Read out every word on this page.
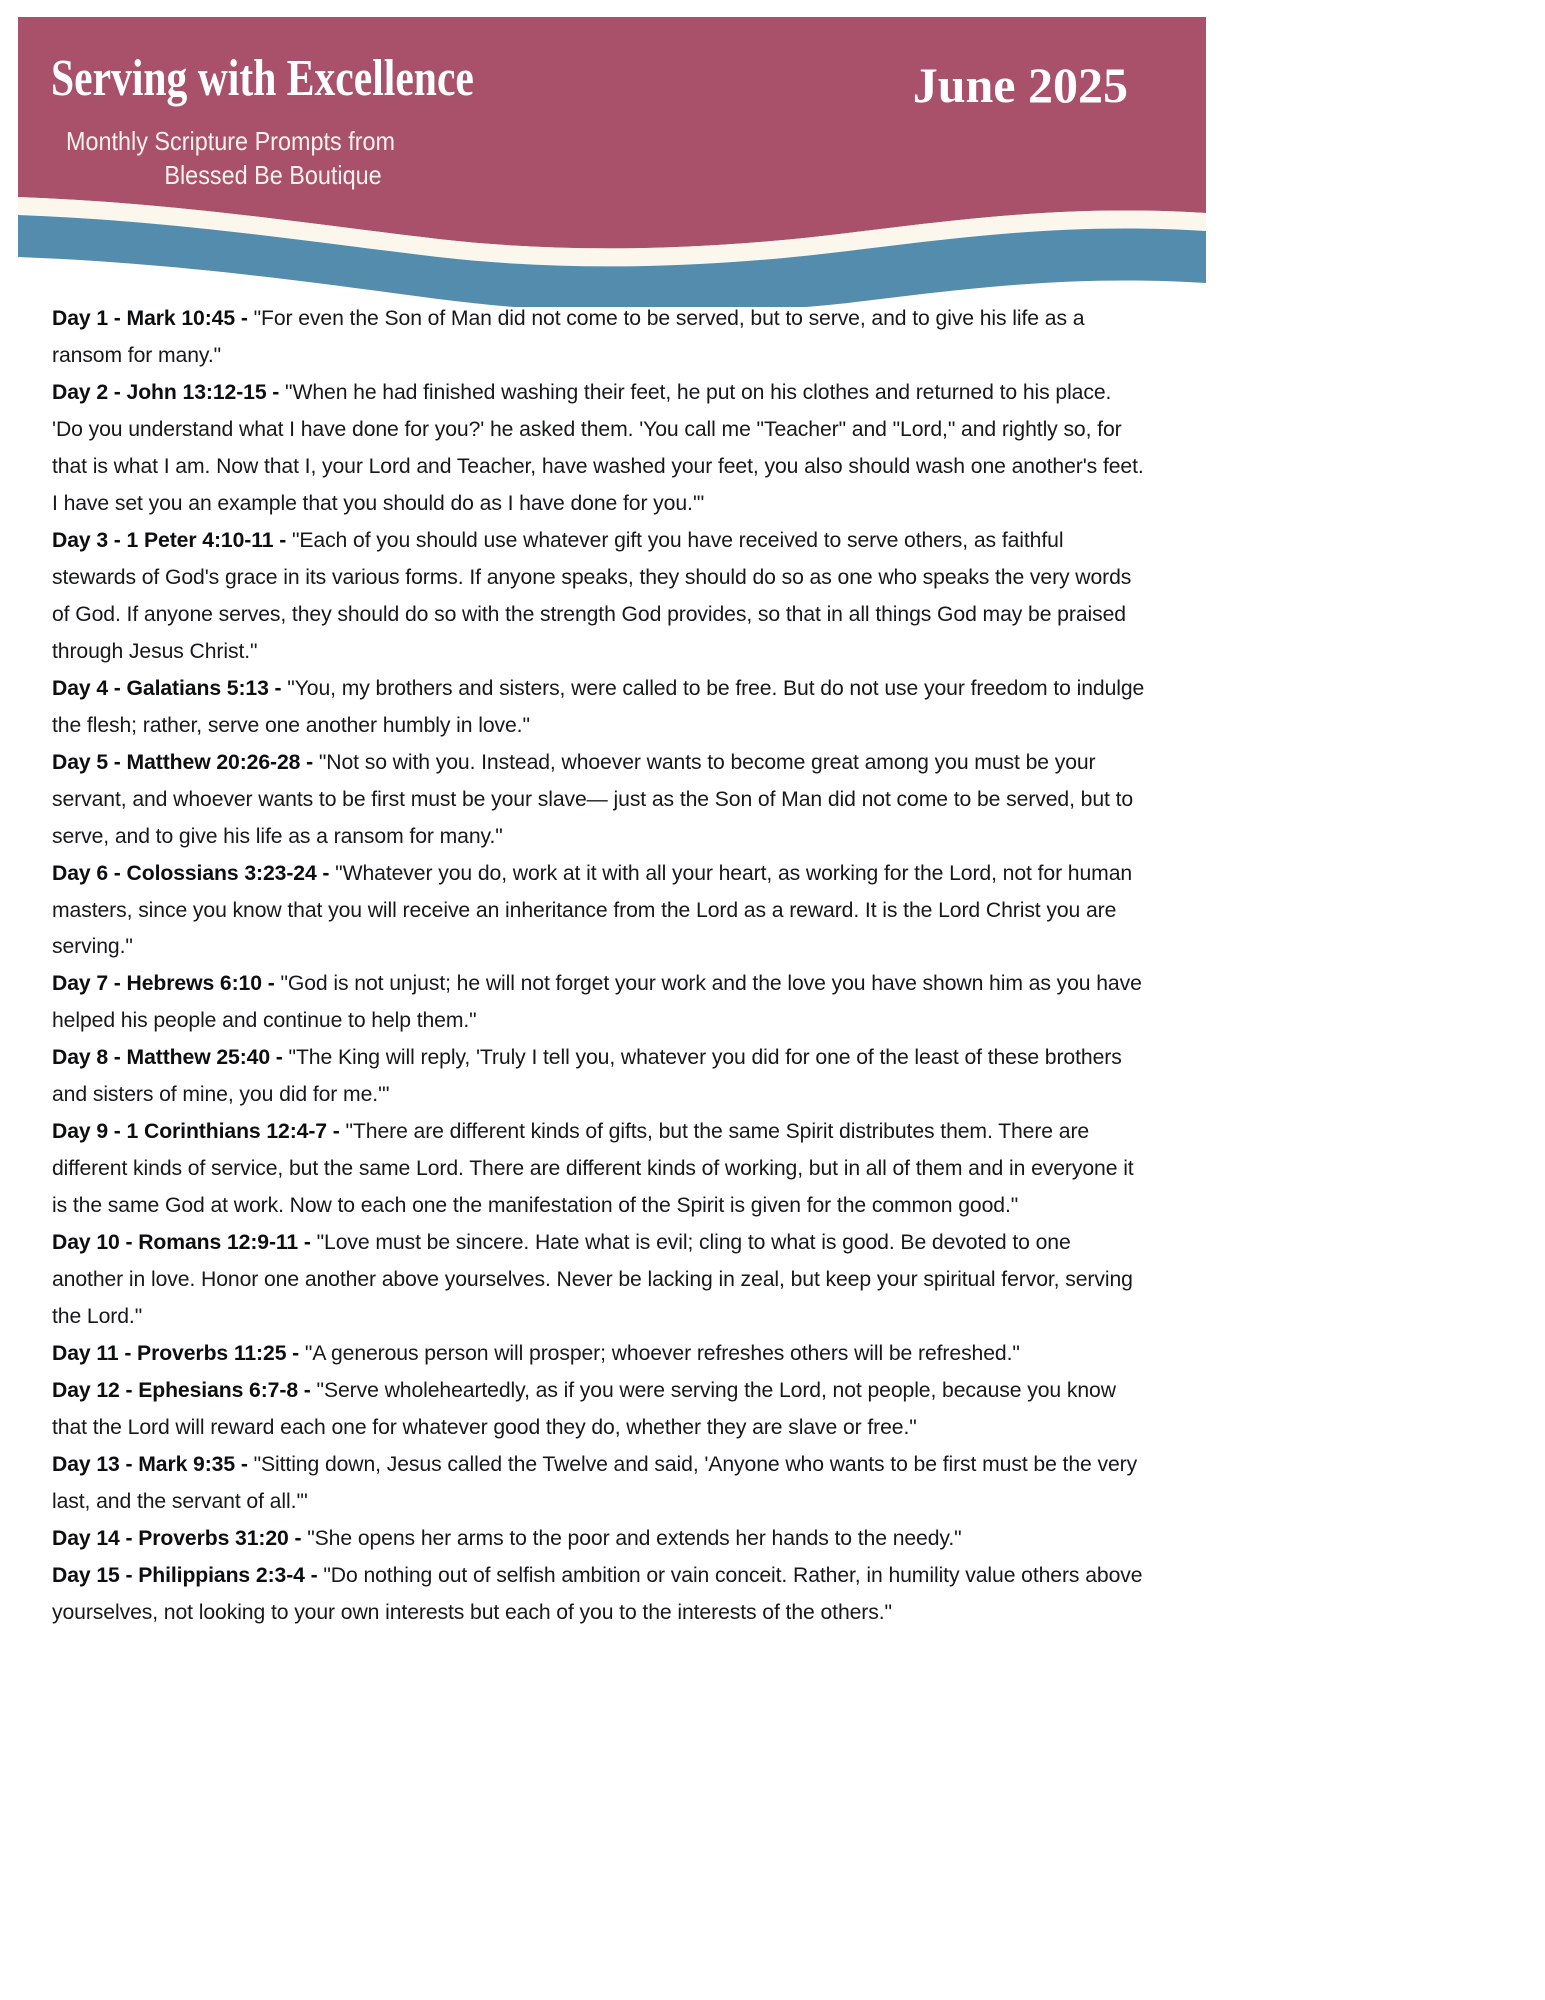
Serving with Excellence	June 2025
Monthly Scripture Prompts from
Blessed Be Boutique

Day 1 - Mark 10:45 - "For even the Son of Man did not come to be served, but to serve, and to give his life as a ransom for many."

Day 2 - John 13:12-15 - "When he had finished washing their feet, he put on his clothes and returned to his place. 'Do you understand what I have done for you?' he asked them. 'You call me "Teacher" and "Lord," and rightly so, for that is what I am. Now that I, your Lord and Teacher, have washed your feet, you also should wash one another's feet. I have set you an example that you should do as I have done for you.'"

Day 3 - 1 Peter 4:10-11 - "Each of you should use whatever gift you have received to serve others, as faithful stewards of God's grace in its various forms. If anyone speaks, they should do so as one who speaks the very words of God. If anyone serves, they should do so with the strength God provides, so that in all things God may be praised through Jesus Christ."

Day 4 - Galatians 5:13 - "You, my brothers and sisters, were called to be free. But do not use your freedom to indulge the flesh; rather, serve one another humbly in love."

Day 5 - Matthew 20:26-28 - "Not so with you. Instead, whoever wants to become great among you must be your servant, and whoever wants to be first must be your slave— just as the Son of Man did not come to be served, but to serve, and to give his life as a ransom for many."

Day 6 - Colossians 3:23-24 - "Whatever you do, work at it with all your heart, as working for the Lord, not for human masters, since you know that you will receive an inheritance from the Lord as a reward. It is the Lord Christ you are serving."

Day 7 - Hebrews 6:10 - "God is not unjust; he will not forget your work and the love you have shown him as you have helped his people and continue to help them."

Day 8 - Matthew 25:40 - "The King will reply, 'Truly I tell you, whatever you did for one of the least of these brothers and sisters of mine, you did for me.'"

Day 9 - 1 Corinthians 12:4-7 - "There are different kinds of gifts, but the same Spirit distributes them. There are different kinds of service, but the same Lord. There are different kinds of working, but in all of them and in everyone it is the same God at work. Now to each one the manifestation of the Spirit is given for the common good."

Day 10 - Romans 12:9-11 - "Love must be sincere. Hate what is evil; cling to what is good. Be devoted to one another in love. Honor one another above yourselves. Never be lacking in zeal, but keep your spiritual fervor, serving the Lord."

Day 11 - Proverbs 11:25 - "A generous person will prosper; whoever refreshes others will be refreshed."

Day 12 - Ephesians 6:7-8 - "Serve wholeheartedly, as if you were serving the Lord, not people, because you know that the Lord will reward each one for whatever good they do, whether they are slave or free."

Day 13 - Mark 9:35 - "Sitting down, Jesus called the Twelve and said, 'Anyone who wants to be first must be the very last, and the servant of all.'"

Day 14 - Proverbs 31:20 - "She opens her arms to the poor and extends her hands to the needy."

Day 15 - Philippians 2:3-4 - "Do nothing out of selfish ambition or vain conceit. Rather, in humility value others above yourselves, not looking to your own interests but each of you to the interests of the others."
